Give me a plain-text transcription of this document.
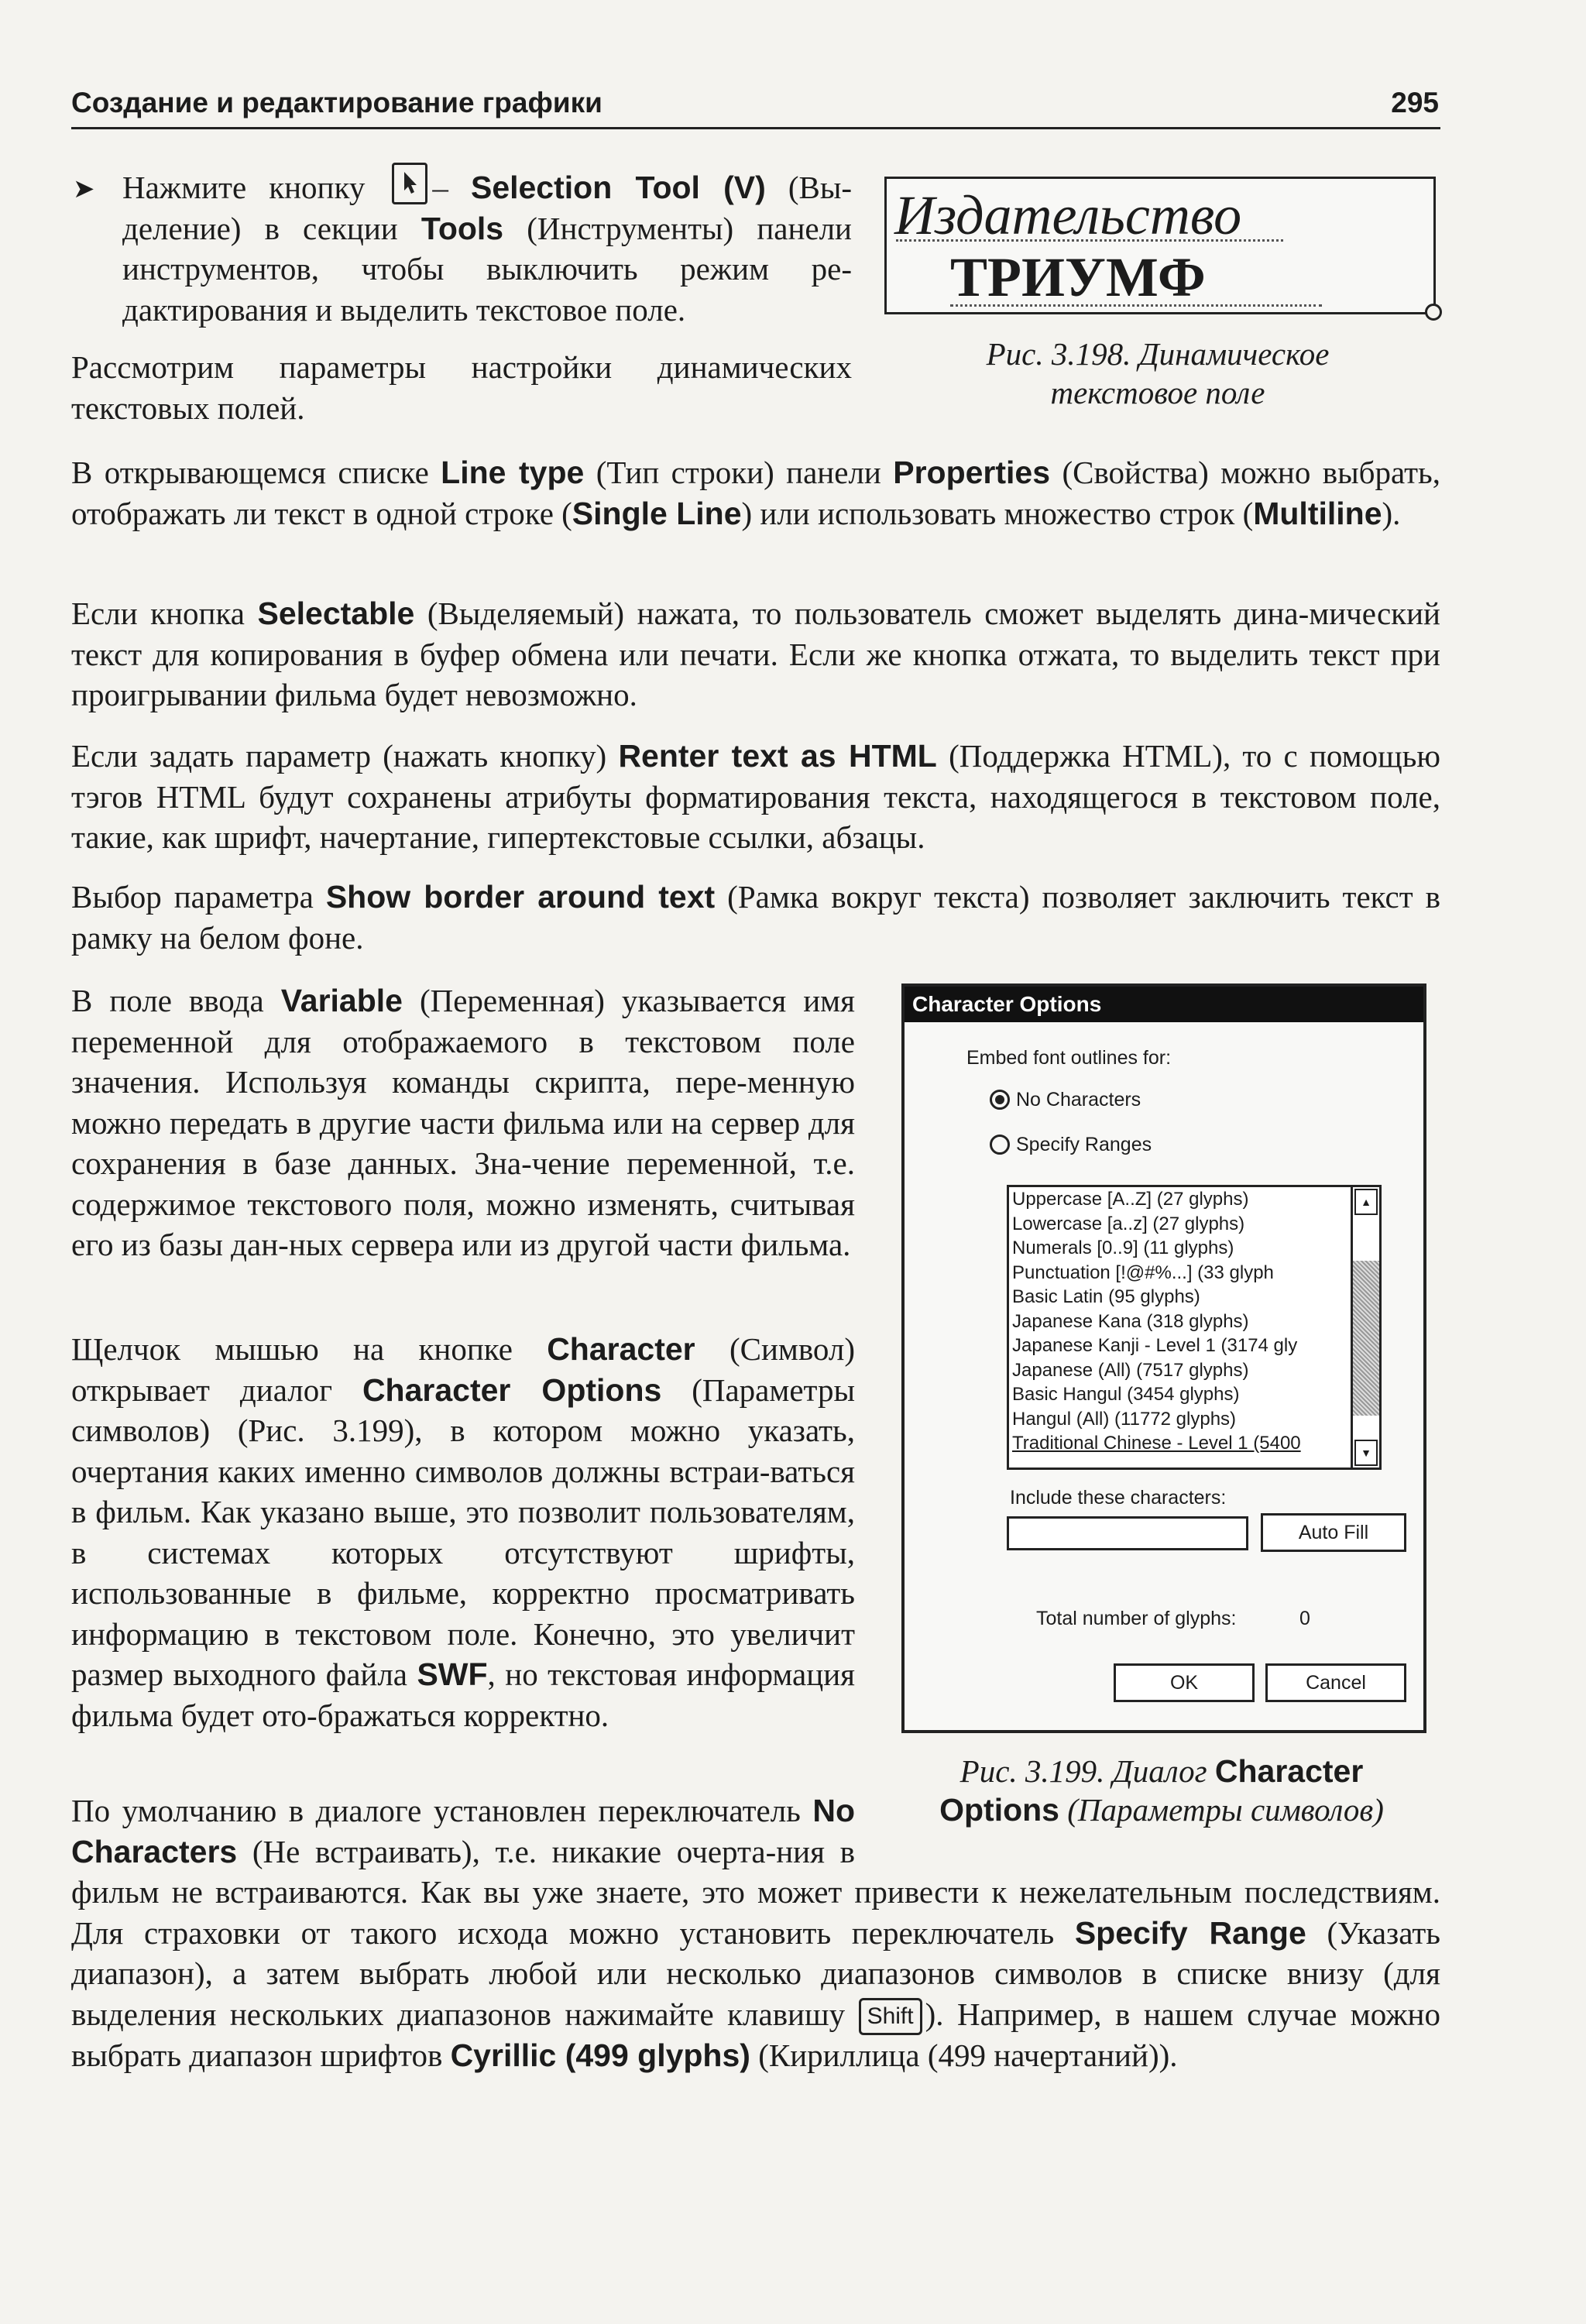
Создание и редактирование графики	295
➤ Нажмите кнопку – Selection Tool (V) (Вы-деление) в секции Tools (Инструменты) панели инструментов, чтобы выключить режим ре-дактирования и выделить текстовое поле.

Рассмотрим параметры настройки динамических текстовых полей.

Издательство
ТРИУМФ
Рис. 3.198. Динамическое
текстовое поле

В открывающемся списке Line type (Тип строки) панели Properties (Свойства) можно выбрать, отображать ли текст в одной строке (Single Line) или использовать множество строк (Multiline).

Если кнопка Selectable (Выделяемый) нажата, то пользователь сможет выделять дина-мический текст для копирования в буфер обмена или печати. Если же кнопка отжата, то выделить текст при проигрывании фильма будет невозможно.

Если задать параметр (нажать кнопку) Renter text as HTML (Поддержка HTML), то с помощью тэгов HTML будут сохранены атрибуты форматирования текста, находящегося в текстовом поле, такие, как шрифт, начертание, гипертекстовые ссылки, абзацы.

Выбор параметра Show border around text (Рамка вокруг текста) позволяет заключить текст в рамку на белом фоне.

В поле ввода Variable (Переменная) указывается имя переменной для отображаемого в текстовом поле значения. Используя команды скрипта, пере-менную можно передать в другие части фильма или на сервер для сохранения в базе данных. Зна-чение переменной, т.е. содержимое текстового поля, можно изменять, считывая его из базы дан-ных сервера или из другой части фильма.

Щелчок мышью на кнопке Character (Символ) открывает диалог Character Options (Параметры символов) (Рис. 3.199), в котором можно указать, очертания каких именно символов должны встраи-ваться в фильм. Как указано выше, это позволит пользователям, в системах которых отсутствуют шрифты, использованные в фильме, корректно просматривать информацию в текстовом поле. Конечно, это увеличит размер выходного файла SWF, но текстовая информация фильма будет ото-бражаться корректно.

Character Options
Embed font outlines for:
No Characters
Specify Ranges
Uppercase [A..Z] (27 glyphs)
Lowercase [a..z] (27 glyphs)
Numerals [0..9] (11 glyphs)
Punctuation [!@#%...] (33 glyph
Basic Latin (95 glyphs)
Japanese Kana (318 glyphs)
Japanese Kanji - Level 1 (3174 gly
Japanese (All) (7517 glyphs)
Basic Hangul (3454 glyphs)
Hangul (All) (11772 glyphs)
Traditional Chinese - Level 1 (5400
▲
▼
Include these characters:
Auto Fill
Total number of glyphs:	0
OK	Cancel
Рис. 3.199. Диалог Character
Options (Параметры символов)

По умолчанию в диалоге установлен переключатель No Characters (Не встраивать), т.е. никакие очерта-ния в фильм не встраиваются. Как вы уже знаете, это может привести к нежелательным последствиям. Для страховки от такого исхода можно установить переключатель Specify Range (Указать диапазон), а затем выбрать любой или несколько диапазонов символов в списке внизу (для выделения нескольких диапазонов нажимайте клавишу Shift ). Например, в нашем случае можно выбрать диапазон шрифтов Cyrillic (499 glyphs) (Кириллица (499 начертаний)).
